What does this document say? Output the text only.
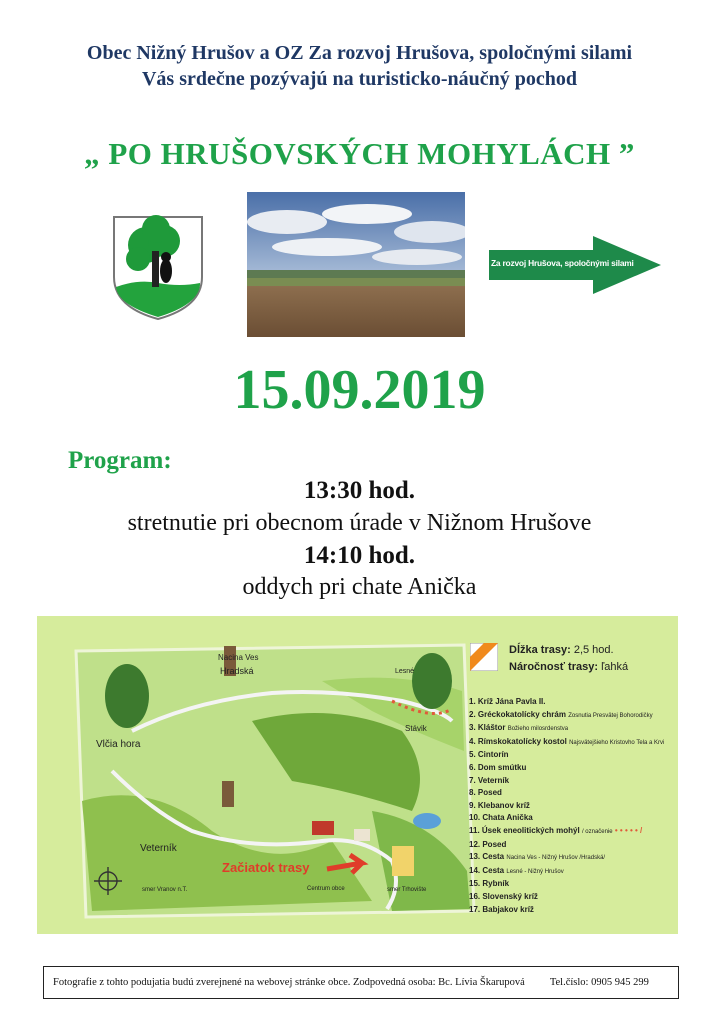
Obec Nižný Hrušov a OZ Za rozvoj Hrušova, spoločnými silami
Vás srdečne pozývajú na turisticko-náučný pochod
„ PO HRUŠOVSKÝCH MOHYLÁCH ”
Za rozvoj Hrušova, spoločnými silami
15.09.2019
Program:
13:30 hod.
stretnutie pri obecnom úrade v Nižnom Hrušove
14:10 hod.
oddych pri chate Anička
Vlčia hora
Nacina Ves
Hradská	Lesné
Stávik
Veterník
Začiatok trasy
Centrum obce
smer Vranov n.T.	smer Trhovište
Dĺžka trasy: 2,5 hod.
Náročnosť trasy: ľahká
1. Kríž Jána Pavla II.
2. Gréckokatolícky chrám Zosnutia Presvätej Bohorodičky
3. Kláštor Božieho milosrdenstva
4. Rímskokatolícky kostol Najsvätejšieho Kristovho Tela a Krvi
5. Cintorín
6. Dom smútku
7. Veterník
8. Posed
9. Klebanov kríž
10. Chata Anička
11. Úsek eneolitických mohýl / označenie • • • • • /
12. Posed
13. Cesta Nacina Ves - Nižný Hrušov /Hradská/
14. Cesta Lesné - Nižný Hrušov
15. Rybník
16. Slovenský kríž
17. Babjakov kríž
Fotografie z tohto podujatia budú zverejnené na webovej stránke obce. Zodpovedná osoba: Bc. Lívia Škarupová Tel.číslo: 0905 945 299
